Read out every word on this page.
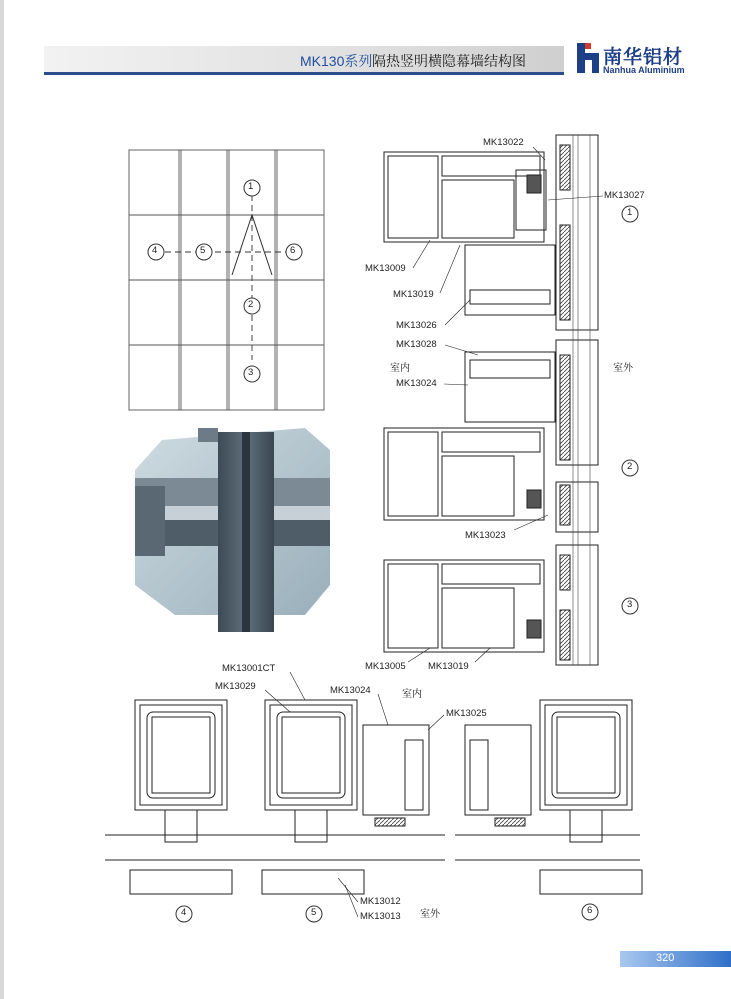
MK130系列 隔热竖明横隐幕墙结构图	南华铝材
Nanhua Aluminium
1
2
3
4	5	6
MK13022
MK13027
MK13009
MK13019
MK13026
MK13028
室内	室外
MK13024
MK13023
MK13005 MK13019
1
2
3
MK13001CT
MK13029	MK13024	室内
MK13025
MK13012
MK13013 室外
4	5	6
320
